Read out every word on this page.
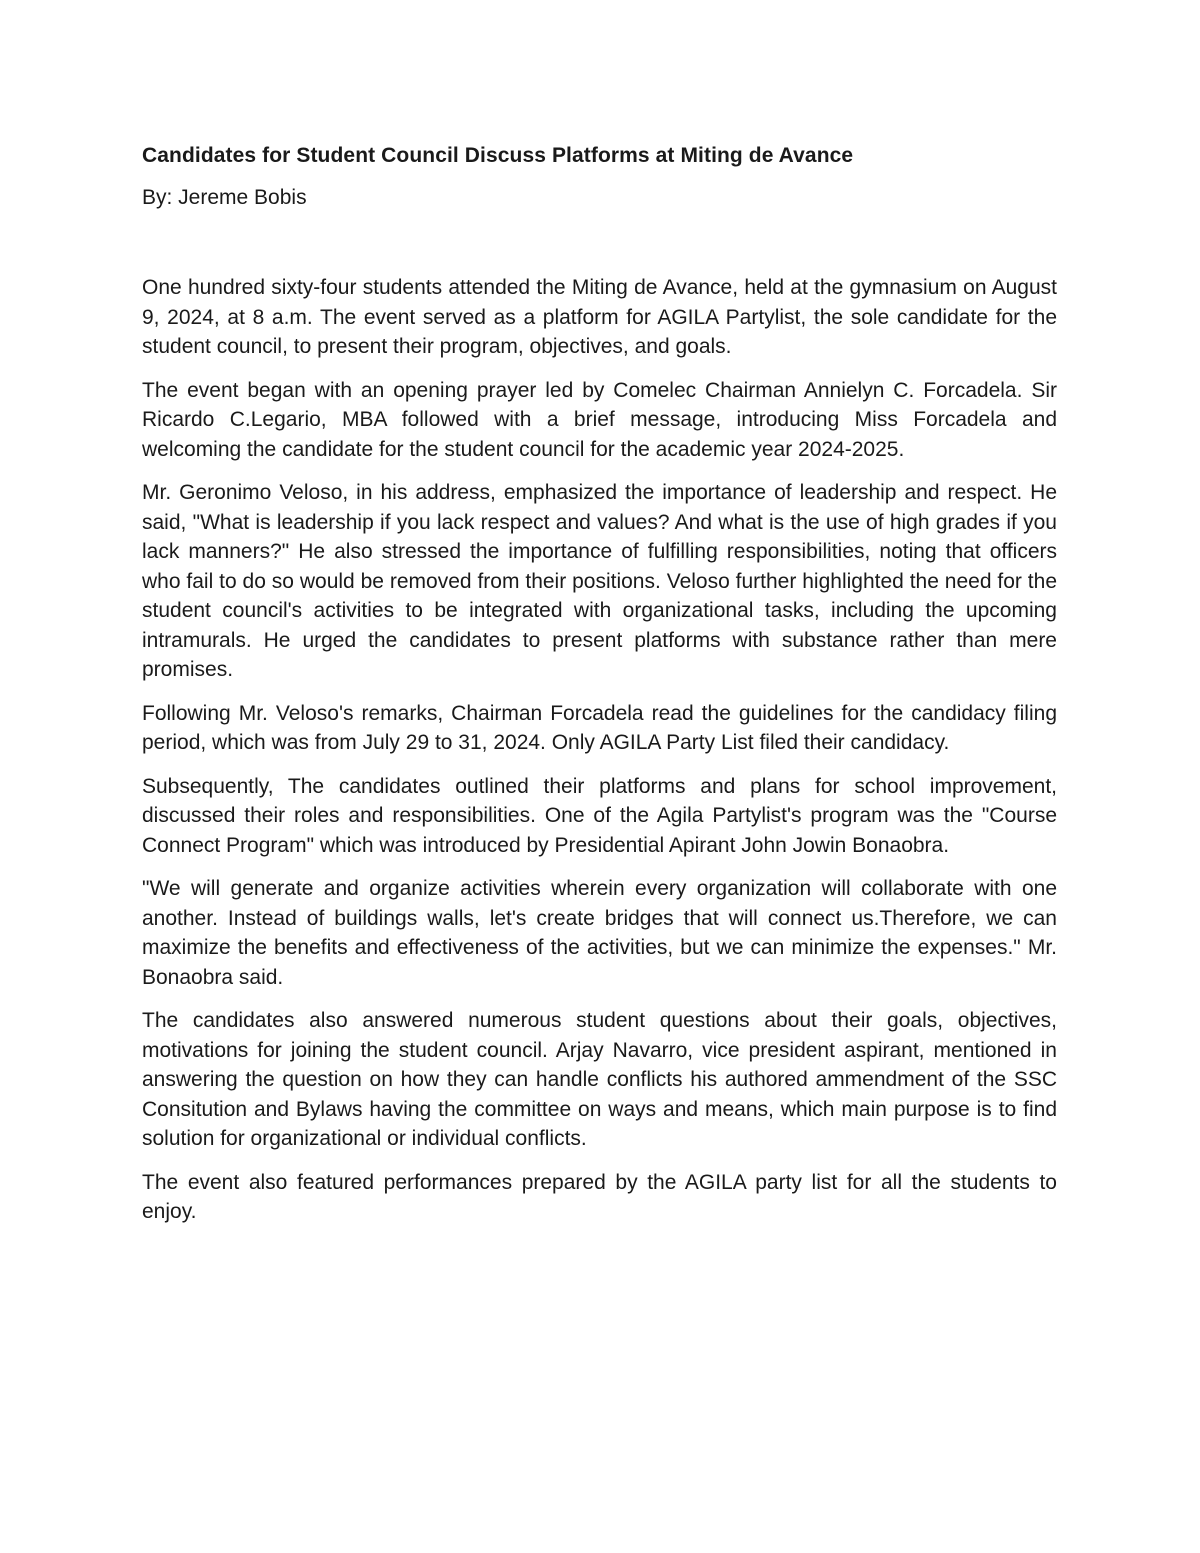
Candidates for Student Council Discuss Platforms at Miting de Avance

By: Jereme Bobis

One hundred sixty-four students attended the Miting de Avance, held at the gymnasium on August 9, 2024, at 8 a.m. The event served as a platform for AGILA Partylist, the sole candidate for the student council, to present their program, objectives, and goals.

The event began with an opening prayer led by Comelec Chairman Annielyn C. Forcadela. Sir Ricardo C.Legario, MBA followed with a brief message, introducing Miss Forcadela and welcoming the candidate for the student council for the academic year 2024-2025.

Mr. Geronimo Veloso, in his address, emphasized the importance of leadership and respect. He said, "What is leadership if you lack respect and values? And what is the use of high grades if you lack manners?" He also stressed the importance of fulfilling responsibilities, noting that officers who fail to do so would be removed from their positions. Veloso further highlighted the need for the student council's activities to be integrated with organizational tasks, including the upcoming intramurals. He urged the candidates to present platforms with substance rather than mere promises.

Following Mr. Veloso's remarks, Chairman Forcadela read the guidelines for the candidacy filing period, which was from July 29 to 31, 2024. Only AGILA Party List filed their candidacy.

Subsequently, The candidates outlined their platforms and plans for school improvement, discussed their roles and responsibilities. One of the Agila Partylist's program was the "Course Connect Program" which was introduced by Presidential Apirant John Jowin Bonaobra.

"We will generate and organize activities wherein every organization will collaborate with one another. Instead of buildings walls, let's create bridges that will connect us.Therefore, we can maximize the benefits and effectiveness of the activities, but we can minimize the expenses." Mr. Bonaobra said.

The candidates also answered numerous student questions about their goals, objectives, motivations for joining the student council. Arjay Navarro, vice president aspirant, mentioned in answering the question on how they can handle conflicts his authored ammendment of the SSC Consitution and Bylaws having the committee on ways and means, which main purpose is to find solution for organizational or individual conflicts.

The event also featured performances prepared by the AGILA party list for all the students to enjoy.
